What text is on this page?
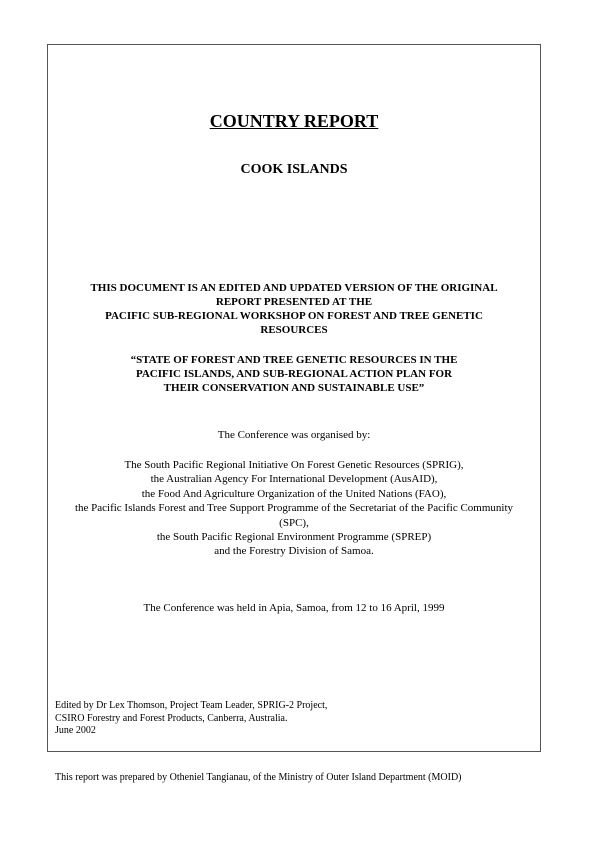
COUNTRY REPORT
COOK ISLANDS
THIS DOCUMENT IS AN EDITED AND UPDATED VERSION OF THE ORIGINAL
REPORT PRESENTED AT THE
PACIFIC SUB-REGIONAL WORKSHOP ON FOREST AND TREE GENETIC
RESOURCES
“STATE OF FOREST AND TREE GENETIC RESOURCES IN THE
PACIFIC ISLANDS, AND SUB-REGIONAL ACTION PLAN FOR
THEIR CONSERVATION AND SUSTAINABLE USE”
The Conference was organised by:
The South Pacific Regional Initiative On Forest Genetic Resources (SPRIG),
the Australian Agency For International Development (AusAID),
the Food And Agriculture Organization of the United Nations (FAO),
the Pacific Islands Forest and Tree Support Programme of the Secretariat of the Pacific Community
(SPC),
the South Pacific Regional Environment Programme (SPREP)
and the Forestry Division of Samoa.
The Conference was held in Apia, Samoa, from 12 to 16 April, 1999
Edited by Dr Lex Thomson, Project Team Leader, SPRIG-2 Project,
CSIRO Forestry and Forest Products, Canberra, Australia.
June 2002
This report was prepared by Otheniel Tangianau, of the Ministry of Outer Island Department (MOID)
